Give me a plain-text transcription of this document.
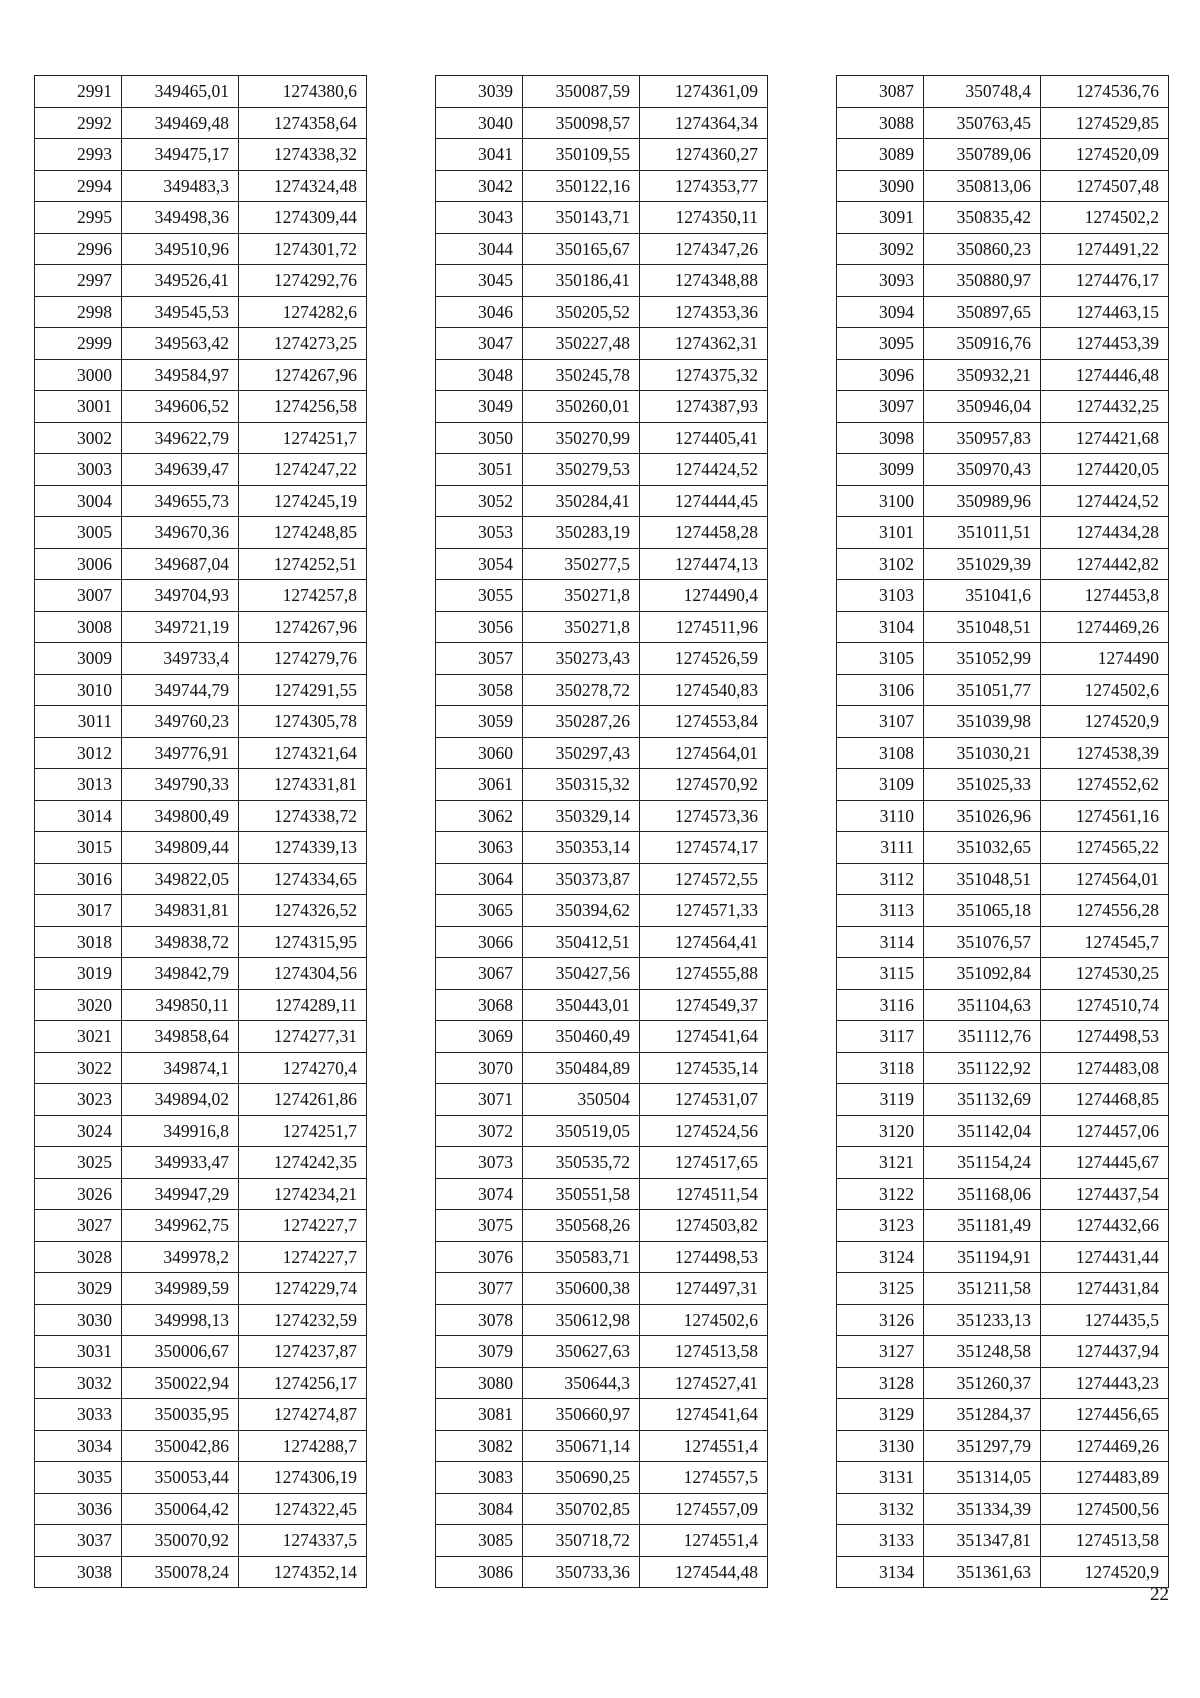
2991	349465,01	1274380,6
2992	349469,48	1274358,64
2993	349475,17	1274338,32
2994	349483,3	1274324,48
2995	349498,36	1274309,44
2996	349510,96	1274301,72
2997	349526,41	1274292,76
2998	349545,53	1274282,6
2999	349563,42	1274273,25
3000	349584,97	1274267,96
3001	349606,52	1274256,58
3002	349622,79	1274251,7
3003	349639,47	1274247,22
3004	349655,73	1274245,19
3005	349670,36	1274248,85
3006	349687,04	1274252,51
3007	349704,93	1274257,8
3008	349721,19	1274267,96
3009	349733,4	1274279,76
3010	349744,79	1274291,55
3011	349760,23	1274305,78
3012	349776,91	1274321,64
3013	349790,33	1274331,81
3014	349800,49	1274338,72
3015	349809,44	1274339,13
3016	349822,05	1274334,65
3017	349831,81	1274326,52
3018	349838,72	1274315,95
3019	349842,79	1274304,56
3020	349850,11	1274289,11
3021	349858,64	1274277,31
3022	349874,1	1274270,4
3023	349894,02	1274261,86
3024	349916,8	1274251,7
3025	349933,47	1274242,35
3026	349947,29	1274234,21
3027	349962,75	1274227,7
3028	349978,2	1274227,7
3029	349989,59	1274229,74
3030	349998,13	1274232,59
3031	350006,67	1274237,87
3032	350022,94	1274256,17
3033	350035,95	1274274,87
3034	350042,86	1274288,7
3035	350053,44	1274306,19
3036	350064,42	1274322,45
3037	350070,92	1274337,5
3038	350078,24	1274352,14
3039	350087,59	1274361,09
3040	350098,57	1274364,34
3041	350109,55	1274360,27
3042	350122,16	1274353,77
3043	350143,71	1274350,11
3044	350165,67	1274347,26
3045	350186,41	1274348,88
3046	350205,52	1274353,36
3047	350227,48	1274362,31
3048	350245,78	1274375,32
3049	350260,01	1274387,93
3050	350270,99	1274405,41
3051	350279,53	1274424,52
3052	350284,41	1274444,45
3053	350283,19	1274458,28
3054	350277,5	1274474,13
3055	350271,8	1274490,4
3056	350271,8	1274511,96
3057	350273,43	1274526,59
3058	350278,72	1274540,83
3059	350287,26	1274553,84
3060	350297,43	1274564,01
3061	350315,32	1274570,92
3062	350329,14	1274573,36
3063	350353,14	1274574,17
3064	350373,87	1274572,55
3065	350394,62	1274571,33
3066	350412,51	1274564,41
3067	350427,56	1274555,88
3068	350443,01	1274549,37
3069	350460,49	1274541,64
3070	350484,89	1274535,14
3071	350504	1274531,07
3072	350519,05	1274524,56
3073	350535,72	1274517,65
3074	350551,58	1274511,54
3075	350568,26	1274503,82
3076	350583,71	1274498,53
3077	350600,38	1274497,31
3078	350612,98	1274502,6
3079	350627,63	1274513,58
3080	350644,3	1274527,41
3081	350660,97	1274541,64
3082	350671,14	1274551,4
3083	350690,25	1274557,5
3084	350702,85	1274557,09
3085	350718,72	1274551,4
3086	350733,36	1274544,48
3087	350748,4	1274536,76
3088	350763,45	1274529,85
3089	350789,06	1274520,09
3090	350813,06	1274507,48
3091	350835,42	1274502,2
3092	350860,23	1274491,22
3093	350880,97	1274476,17
3094	350897,65	1274463,15
3095	350916,76	1274453,39
3096	350932,21	1274446,48
3097	350946,04	1274432,25
3098	350957,83	1274421,68
3099	350970,43	1274420,05
3100	350989,96	1274424,52
3101	351011,51	1274434,28
3102	351029,39	1274442,82
3103	351041,6	1274453,8
3104	351048,51	1274469,26
3105	351052,99	1274490
3106	351051,77	1274502,6
3107	351039,98	1274520,9
3108	351030,21	1274538,39
3109	351025,33	1274552,62
3110	351026,96	1274561,16
3111	351032,65	1274565,22
3112	351048,51	1274564,01
3113	351065,18	1274556,28
3114	351076,57	1274545,7
3115	351092,84	1274530,25
3116	351104,63	1274510,74
3117	351112,76	1274498,53
3118	351122,92	1274483,08
3119	351132,69	1274468,85
3120	351142,04	1274457,06
3121	351154,24	1274445,67
3122	351168,06	1274437,54
3123	351181,49	1274432,66
3124	351194,91	1274431,44
3125	351211,58	1274431,84
3126	351233,13	1274435,5
3127	351248,58	1274437,94
3128	351260,37	1274443,23
3129	351284,37	1274456,65
3130	351297,79	1274469,26
3131	351314,05	1274483,89
3132	351334,39	1274500,56
3133	351347,81	1274513,58
3134	351361,63	1274520,9
22
